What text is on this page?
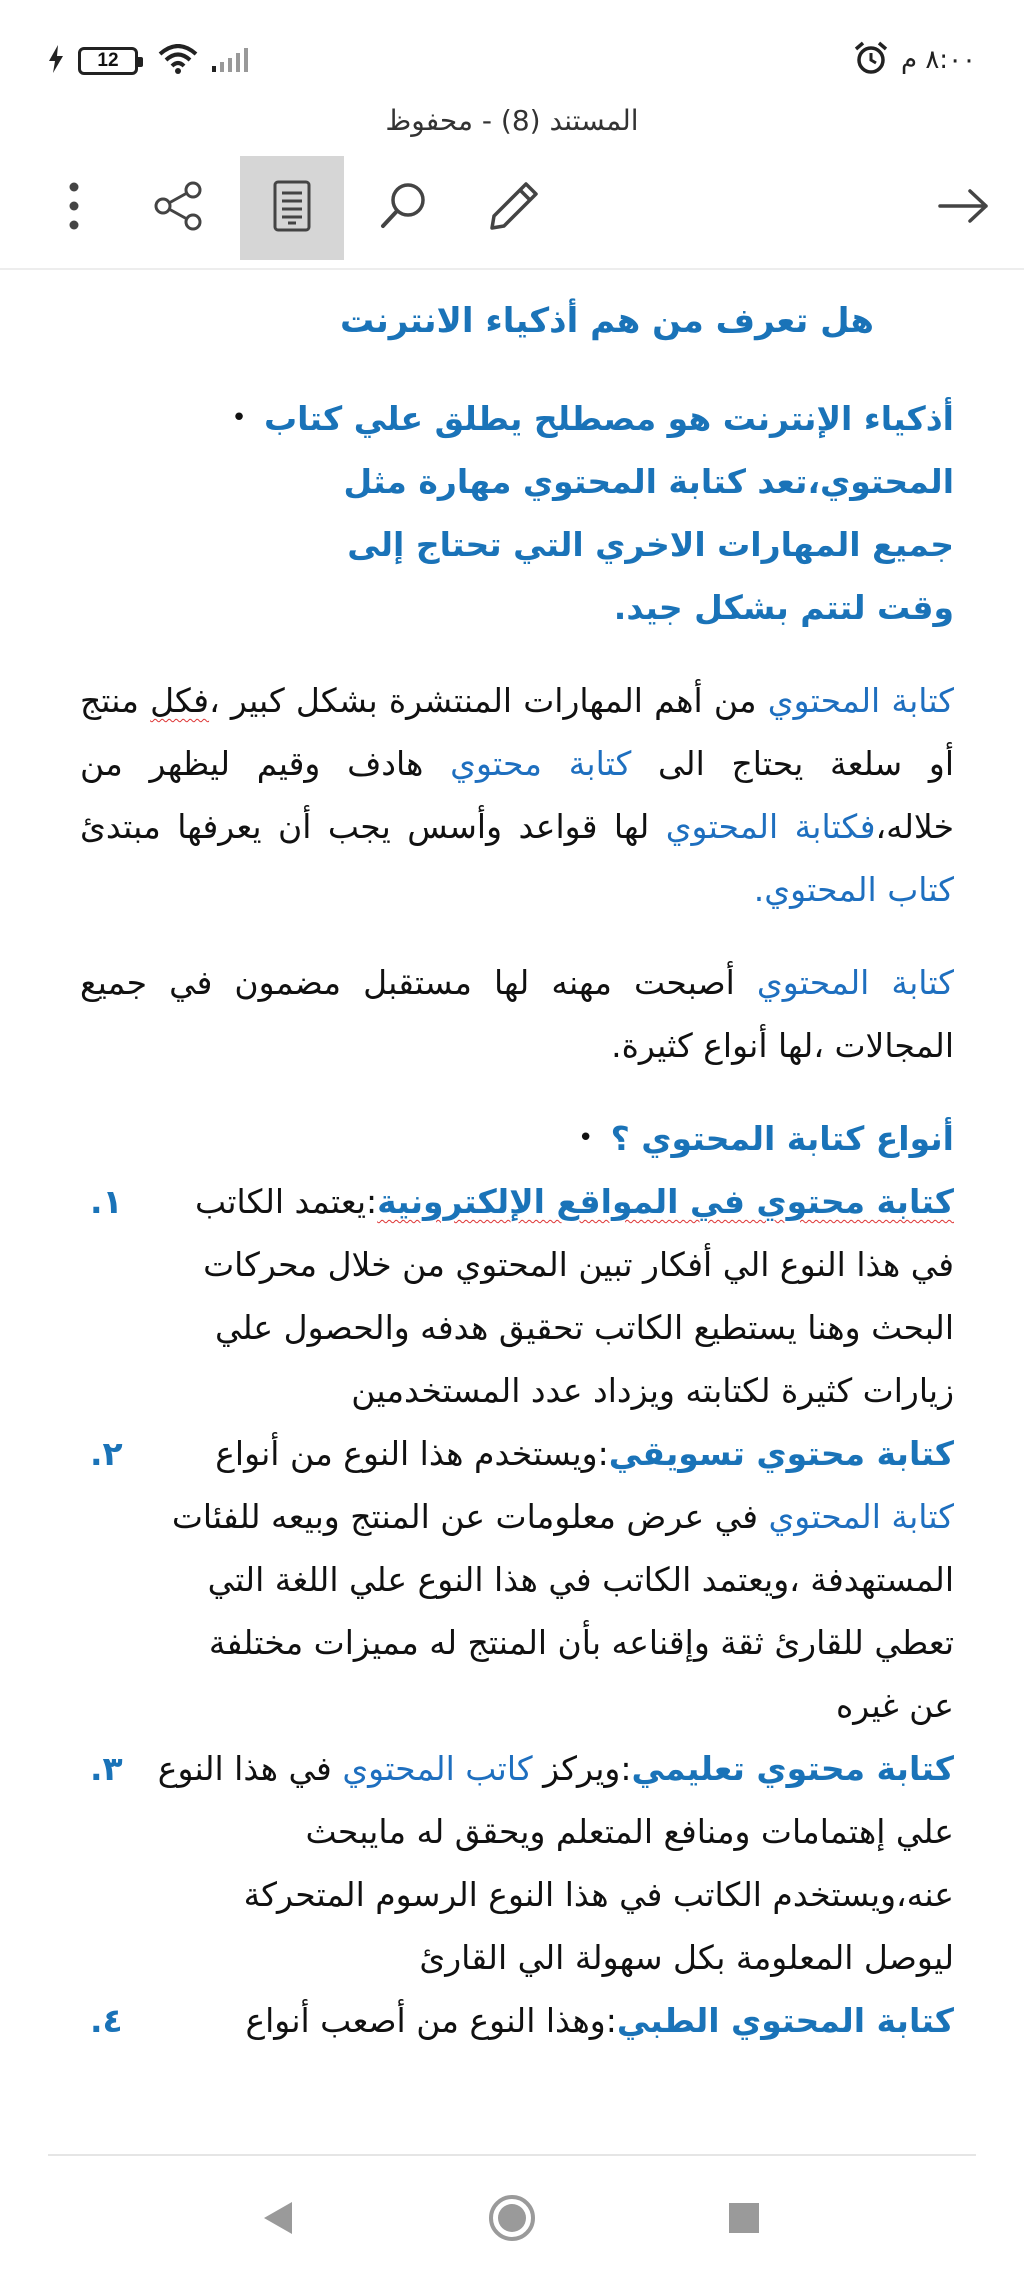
12	٨:٠٠ م
المستند (8) - محفوظ
هل تعرف من هم أذكياء الانترنت
أذكياء الإنترنت هو مصطلح يطلق علي كتاب المحتوي،تعد كتابة المحتوي مهارة مثل جميع المهارات الاخري التي تحتاج إلى وقت لتتم بشكل جيد.
•

كتابة المحتوي من أهم المهارات المنتشرة بشكل كبير ،فكل منتج أو سلعة يحتاج الى كتابة محتوي هادف وقيم ليظهر من خلاله،فكتابة المحتوي لها قواعد وأسس يجب أن يعرفها مبتدئ كتاب المحتوي.

كتابة المحتوي أصبحت مهنه لها مستقبل مضمون في جميع المجالات ،لها أنواع كثيرة.

• أنواع كتابة المحتوي ؟
كتابة محتوي في المواقع الإلكترونية:يعتمد الكاتب في هذا النوع الي أفكار تبين المحتوي من خلال محركات البحث وهنا يستطيع الكاتب تحقيق هدفه والحصول علي زيارات كثيرة لكتابته ويزداد عدد المستخدمين
١.
كتابة محتوي تسويقي:ويستخدم هذا النوع من أنواع كتابة المحتوي في عرض معلومات عن المنتج وبيعه للفئات المستهدفة ،ويعتمد الكاتب في هذا النوع علي اللغة التي تعطي للقارئ ثقة وإقناعه بأن المنتج له مميزات مختلفة عن غيره
٢.
كتابة محتوي تعليمي:ويركز كاتب المحتوي في هذا النوع علي إهتمامات ومنافع المتعلم ويحقق له مايبحث عنه،ويستخدم الكاتب في هذا النوع الرسوم المتحركة ليوصل المعلومة بكل سهولة الي القارئ
٣.
كتابة المحتوي الطبي:وهذا النوع من أصعب أنواع
٤.
